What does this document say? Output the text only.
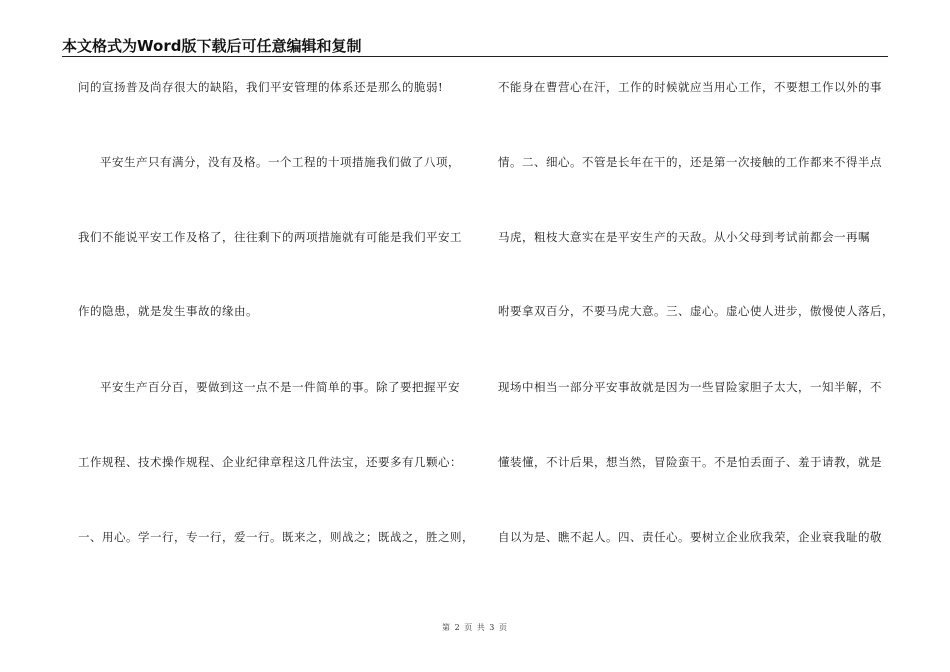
本文格式为Word版下载后可任意编辑和复制
问的宣扬普及尚存很大的缺陷，我们平安管理的体系还是那么的脆弱!
平安生产只有满分，没有及格。一个工程的十项措施我们做了八项，
我们不能说平安工作及格了，往往剩下的两项措施就有可能是我们平安工
作的隐患，就是发生事故的缘由。
平安生产百分百，要做到这一点不是一件简单的事。除了要把握平安
工作规程、技术操作规程、企业纪律章程这几件法宝，还要多有几颗心：
一、用心。学一行，专一行，爱一行。既来之，则战之；既战之，胜之则，
不能身在曹营心在汗，工作的时候就应当用心工作，不要想工作以外的事
情。二、细心。不管是长年在干的，还是第一次接触的工作都来不得半点
马虎，粗枝大意实在是平安生产的天敌。从小父母到考试前都会一再嘱
咐要拿双百分，不要马虎大意。三、虚心。虚心使人进步，傲慢使人落后，
现场中相当一部分平安事故就是因为一些冒险家胆子太大，一知半解，不
懂装懂，不计后果，想当然，冒险蛮干。不是怕丢面子、羞于请教，就是
自以为是、瞧不起人。四、责任心。要树立企业欣我荣，企业衰我耻的敬
第 2 页 共 3 页
